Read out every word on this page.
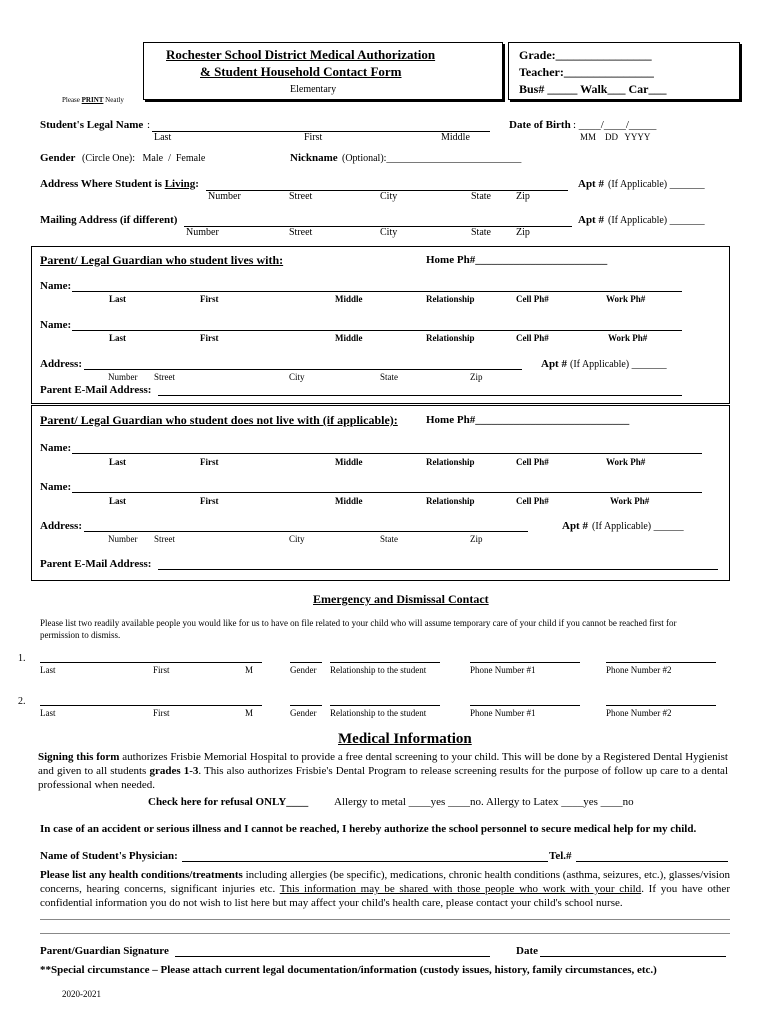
Rochester School District Medical Authorization
& Student Household Contact Form
Elementary
Grade:________________
Teacher:_______________
Bus# _____ Walk___ Car___
Please PRINT Neatly
Student's Legal Name :
Last	First	Middle
Date of Birth : ____/____/_____
MM    DD   YYYY
Gender (Circle One):   Male  /  Female	Nickname (Optional):___________________________
Address Where Student is Living:	Apt # (If Applicable) _______
Number	Street	City	State	Zip
Mailing Address (if different)	Apt # (If Applicable) _______
Number	Street	City	State	Zip
Parent/ Legal Guardian who student lives with:	Home Ph#________________________
Name:
Last	First	Middle	Relationship	Cell Ph#	Work Ph#
Name:
Last	First	Middle	Relationship	Cell Ph#	Work Ph#
Address:	Apt # (If Applicable) _______
Number Street	City	State	Zip
Parent E-Mail Address:
Parent/ Legal Guardian who student does not live with (if applicable):	Home Ph#____________________________
Name:
Last	First	Middle	Relationship	Cell Ph#	Work Ph#
Name:
Last	First	Middle	Relationship	Cell Ph#	Work Ph#
Address:	Apt # (If Applicable) ______
Number Street	City	State	Zip
Parent E-Mail Address:
Emergency and Dismissal Contact
Please list two readily available people you would like for us to have on file related to your child who will assume temporary care of your child if you cannot be reached first for permission to dismiss.
1.
Last	First	M	Gender Relationship to the student	Phone Number #1	Phone Number #2
2.
Last	First	M	Gender Relationship to the student	Phone Number #1	Phone Number #2
Medical Information
Signing this form authorizes Frisbie Memorial Hospital to provide a free dental screening to your child. This will be done by a Registered Dental Hygienist and given to all students grades 1-3. This also authorizes Frisbie's Dental Program to release screening results for the purpose of follow up care to a dental professional when needed.
Check here for refusal ONLY____ Allergy to metal ____yes ____no. Allergy to Latex ____yes ____no
In case of an accident or serious illness and I cannot be reached, I hereby authorize the school personnel to secure medical help for my child.
Name of Student's Physician:	Tel.#
Please list any health conditions/treatments including allergies (be specific), medications, chronic health conditions (asthma, seizures, etc.), glasses/vision concerns, hearing concerns, significant injuries etc. This information may be shared with those people who work with your child. If you have other confidential information you do not wish to list here but may affect your child's health care, please contact your child's school nurse.
Parent/Guardian Signature	Date
**Special circumstance – Please attach current legal documentation/information (custody issues, history, family circumstances, etc.)
2020-2021
